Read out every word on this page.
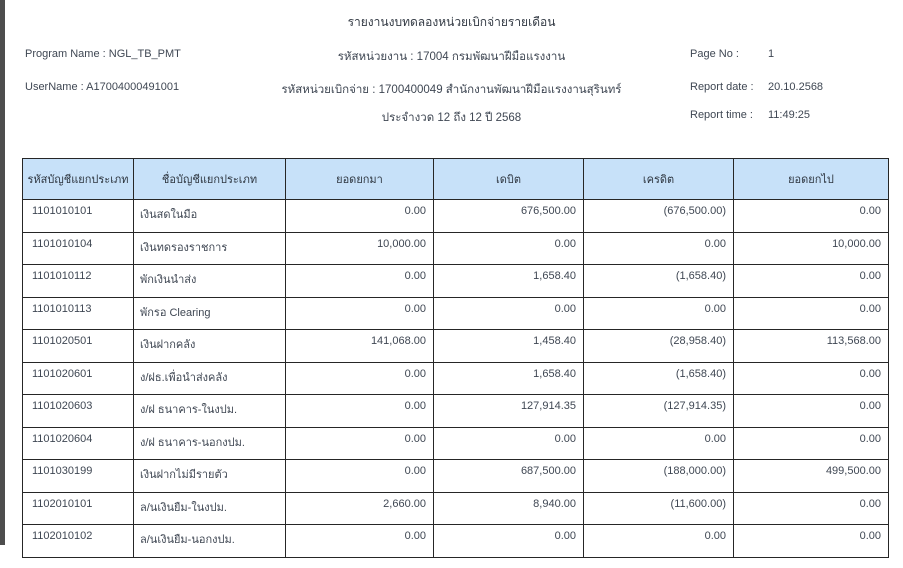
รายงานงบทดลองหน่วยเบิกจ่ายรายเดือน
Program Name : NGL_TB_PMT	รหัสหน่วยงาน : 17004 กรมพัฒนาฝีมือแรงงาน	Page No :	1
UserName : A17004000491001	รหัสหน่วยเบิกจ่าย : 1700400049 สำนักงานพัฒนาฝีมือแรงงานสุรินทร์	Report date : 20.10.2568
ประจำงวด 12 ถึง 12 ปี 2568	Report time : 11:49:25
รหัสบัญชีแยกประเภท	ชื่อบัญชีแยกประเภท	ยอดยกมา	เดบิต	เครดิต	ยอดยกไป
1101010101	เงินสดในมือ	0.00	676,500.00	(676,500.00)	0.00
1101010104	เงินทดรองราชการ	10,000.00	0.00	0.00	10,000.00
1101010112	พักเงินนำส่ง	0.00	1,658.40	(1,658.40)	0.00
1101010113	พักรอ Clearing	0.00	0.00	0.00	0.00
1101020501	เงินฝากคลัง	141,068.00	1,458.40	(28,958.40)	113,568.00
1101020601	ง/ฝธ.เพื่อนำส่งคลัง	0.00	1,658.40	(1,658.40)	0.00
1101020603	ง/ฝ ธนาคาร-ในงปม.	0.00	127,914.35	(127,914.35)	0.00
1101020604	ง/ฝ ธนาคาร-นอกงปม.	0.00	0.00	0.00	0.00
1101030199	เงินฝากไม่มีรายตัว	0.00	687,500.00	(188,000.00)	499,500.00
1102010101	ล/นเงินยืม-ในงปม.	2,660.00	8,940.00	(11,600.00)	0.00
1102010102	ล/นเงินยืม-นอกงปม.	0.00	0.00	0.00	0.00
